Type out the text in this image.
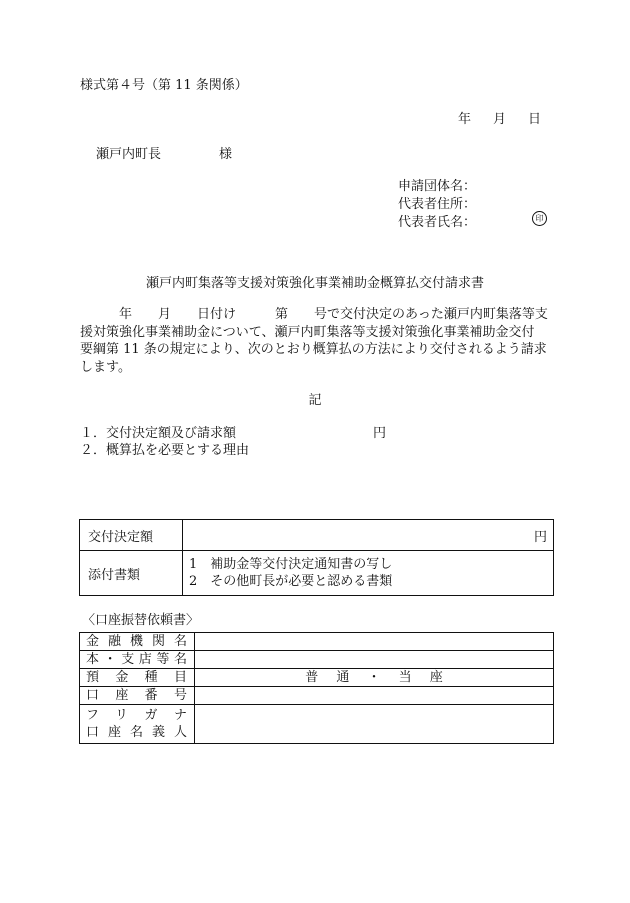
様式第４号（第 11 条関係）
年 月 日
瀬戸内町長	様
申請団体名：
代表者住所：
代表者氏名：	印
瀬戸内町集落等支援対策強化事業補助金概算払交付請求書

　　　年　　月　　日付け　　　第　　号で交付決定のあった瀬戸内町集落等支

援対策強化事業補助金について、瀬戸内町集落等支援対策強化事業補助金交付

要綱第 11 条の規定により、次のとおり概算払の方法により交付されるよう請求

します。

記
１．交付決定額及び請求額	円
２．概算払を必要とする理由
交付決定額	円
添付書類	1　補助金等交付決定通知書の写し
2　その他町長が必要と認める書類
〈口座振替依頼書〉
金融機関名	
本・支店等名	
預金種目	普 通 ・ 当 座
口座番号	

フリガナ
口座名義人	
